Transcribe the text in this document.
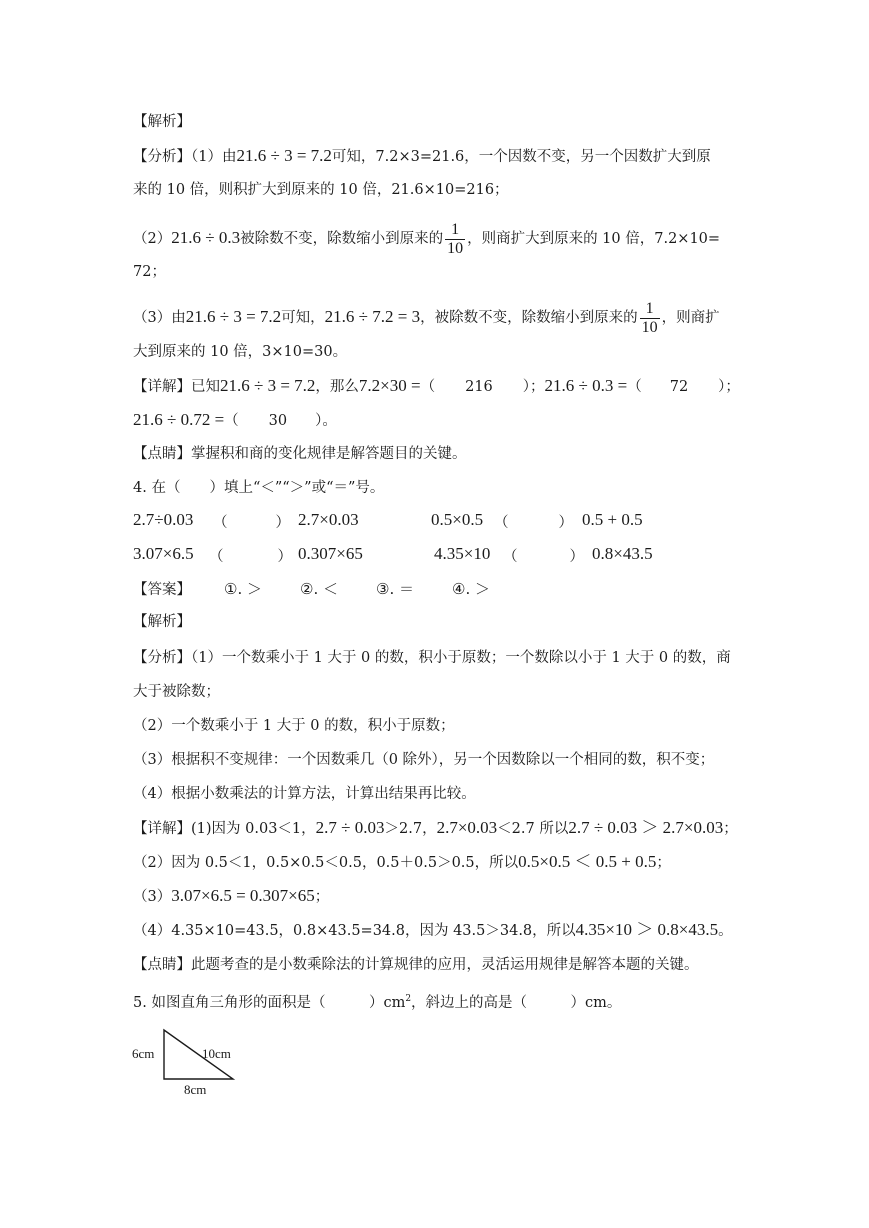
【解析】
【分析】（1）由21.6 ÷ 3 = 7.2可知，7.2×3=21.6，一个因数不变，另一个因数扩大到原
来的 10 倍，则积扩大到原来的 10 倍，21.6×10=216；
（2）21.6 ÷ 0.3被除数不变，除数缩小到原来的 $\frac{1}{10}$ ，则商扩大到原来的 10 倍，7.2×10=
72；
（3）由21.6 ÷ 3 = 7.2可知，21.6 ÷ 7.2 = 3，被除数不变，除数缩小到原来的 $\frac{1}{10}$ ，则商扩
大到原来的 10 倍，3×10=30。
【详解】已知21.6 ÷ 3 = 7.2，那么7.2×30 =（ 216 ）；21.6 ÷ 0.3 =（ 72 ）；
21.6 ÷ 0.72 =（ 30 ）。
【点睛】掌握积和商的变化规律是解答题目的关键。
4. 在（　　）填上“＜”“＞”或“＝”号。
2.7÷0.03 （	） 2.7×0.03	0.5×0.5 （	） 0.5 + 0.5
3.07×6.5 （	） 0.307×65	4.35×10 （	） 0.8×43.5
【答案】 ①. ＞	②. ＜	③. ＝	④. ＞
【解析】
【分析】（1）一个数乘小于 1 大于 0 的数，积小于原数；一个数除以小于 1 大于 0 的数，商
大于被除数；
（2）一个数乘小于 1 大于 0 的数，积小于原数；
（3）根据积不变规律：一个因数乘几（0 除外），另一个因数除以一个相同的数，积不变；
（4）根据小数乘法的计算方法，计算出结果再比较。
【详解】(1)因为 0.03＜1，2.7 ÷ 0.03＞2.7，2.7×0.03＜2.7 所以2.7 ÷ 0.03 ＞ 2.7×0.03；
（2）因为 0.5＜1，0.5×0.5＜0.5，0.5＋0.5＞0.5，所以0.5×0.5 ＜ 0.5 + 0.5；
（3）3.07×6.5 = 0.307×65；
（4）4.35×10=43.5，0.8×43.5=34.8，因为 43.5＞34.8，所以4.35×10 ＞ 0.8×43.5。
【点睛】此题考查的是小数乘除法的计算规律的应用，灵活运用规律是解答本题的关键。
5. 如图直角三角形的面积是（　　　）$cm^2$，斜边上的高是（　　　）cm。
6cm	10cm
8cm
